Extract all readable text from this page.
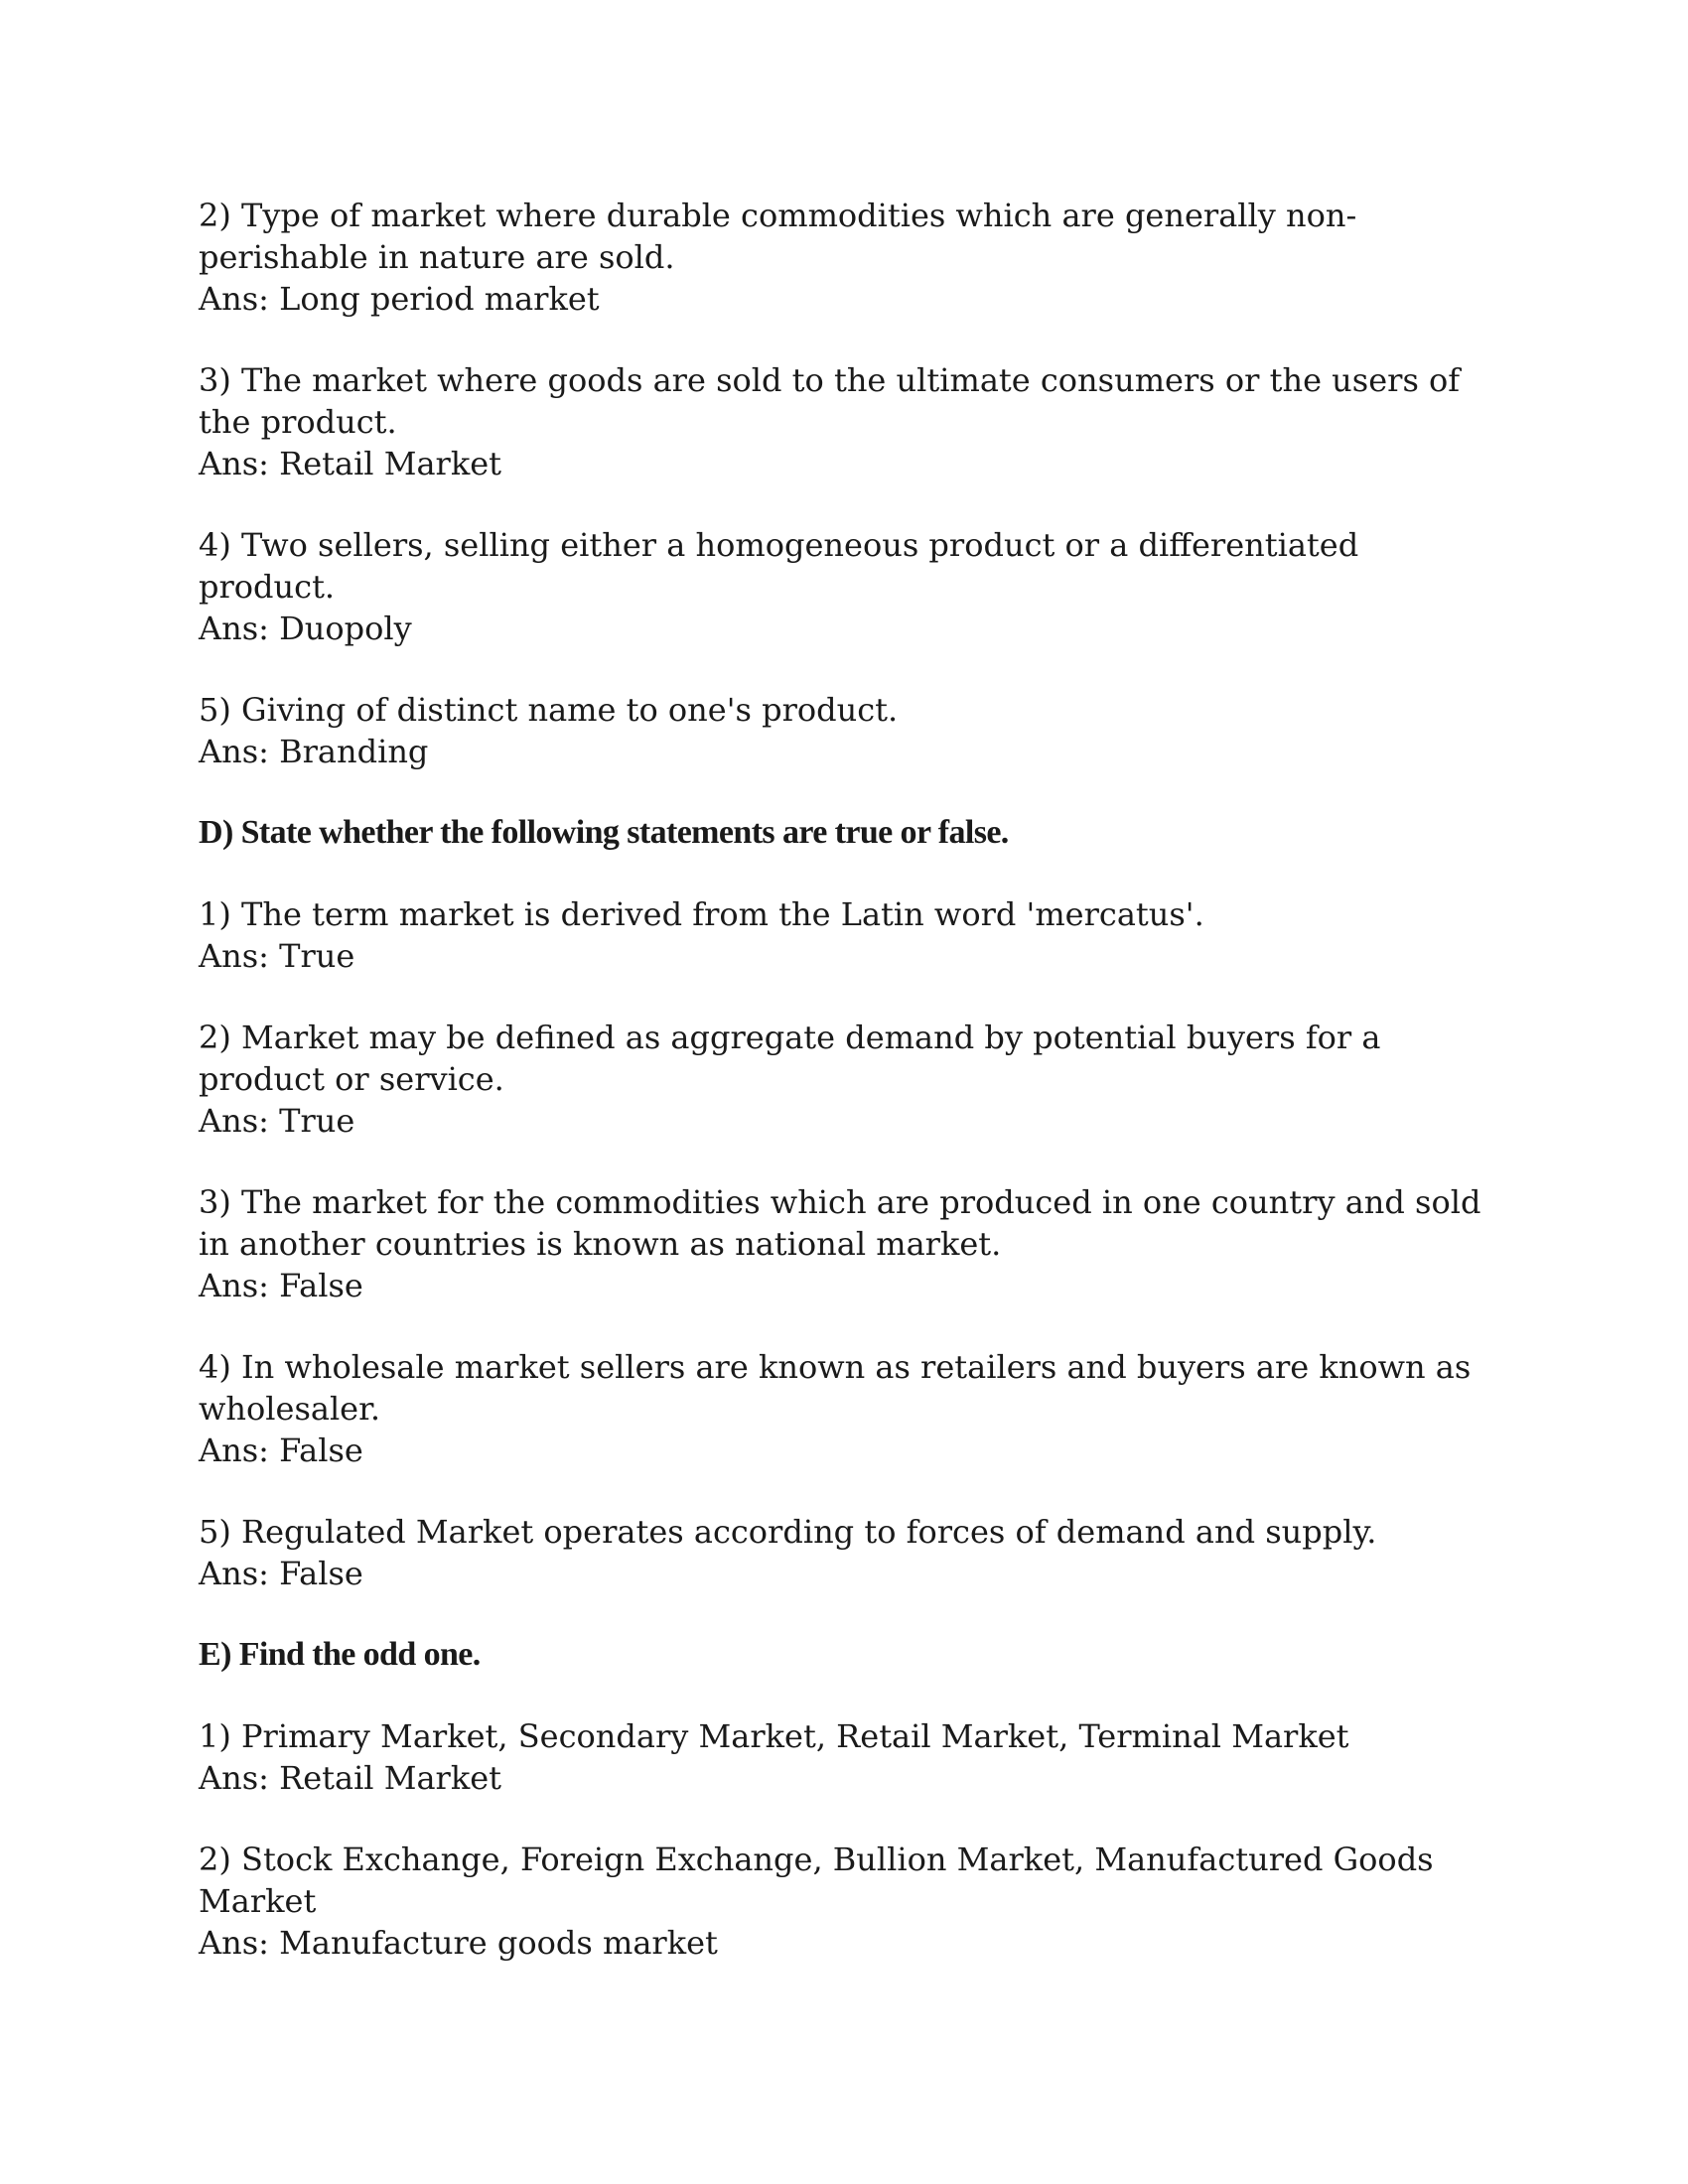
2) Type of market where durable commodities which are generally non-perishable in nature are sold.

Ans: Long period market

3) The market where goods are sold to the ultimate consumers or the users of the product.

Ans: Retail Market

4) Two sellers, selling either a homogeneous product or a differentiated product.

Ans: Duopoly

5) Giving of distinct name to one's product.

Ans: Branding

D) State whether the following statements are true or false.

1) The term market is derived from the Latin word 'mercatus'.

Ans: True

2) Market may be defined as aggregate demand by potential buyers for a product or service.

Ans: True

3) The market for the commodities which are produced in one country and sold in another countries is known as national market.

Ans: False

4) In wholesale market sellers are known as retailers and buyers are known as wholesaler.

Ans: False

5) Regulated Market operates according to forces of demand and supply.

Ans: False

E) Find the odd one.

1) Primary Market, Secondary Market, Retail Market, Terminal Market

Ans: Retail Market

2) Stock Exchange, Foreign Exchange, Bullion Market, Manufactured Goods Market

Ans: Manufacture goods market
